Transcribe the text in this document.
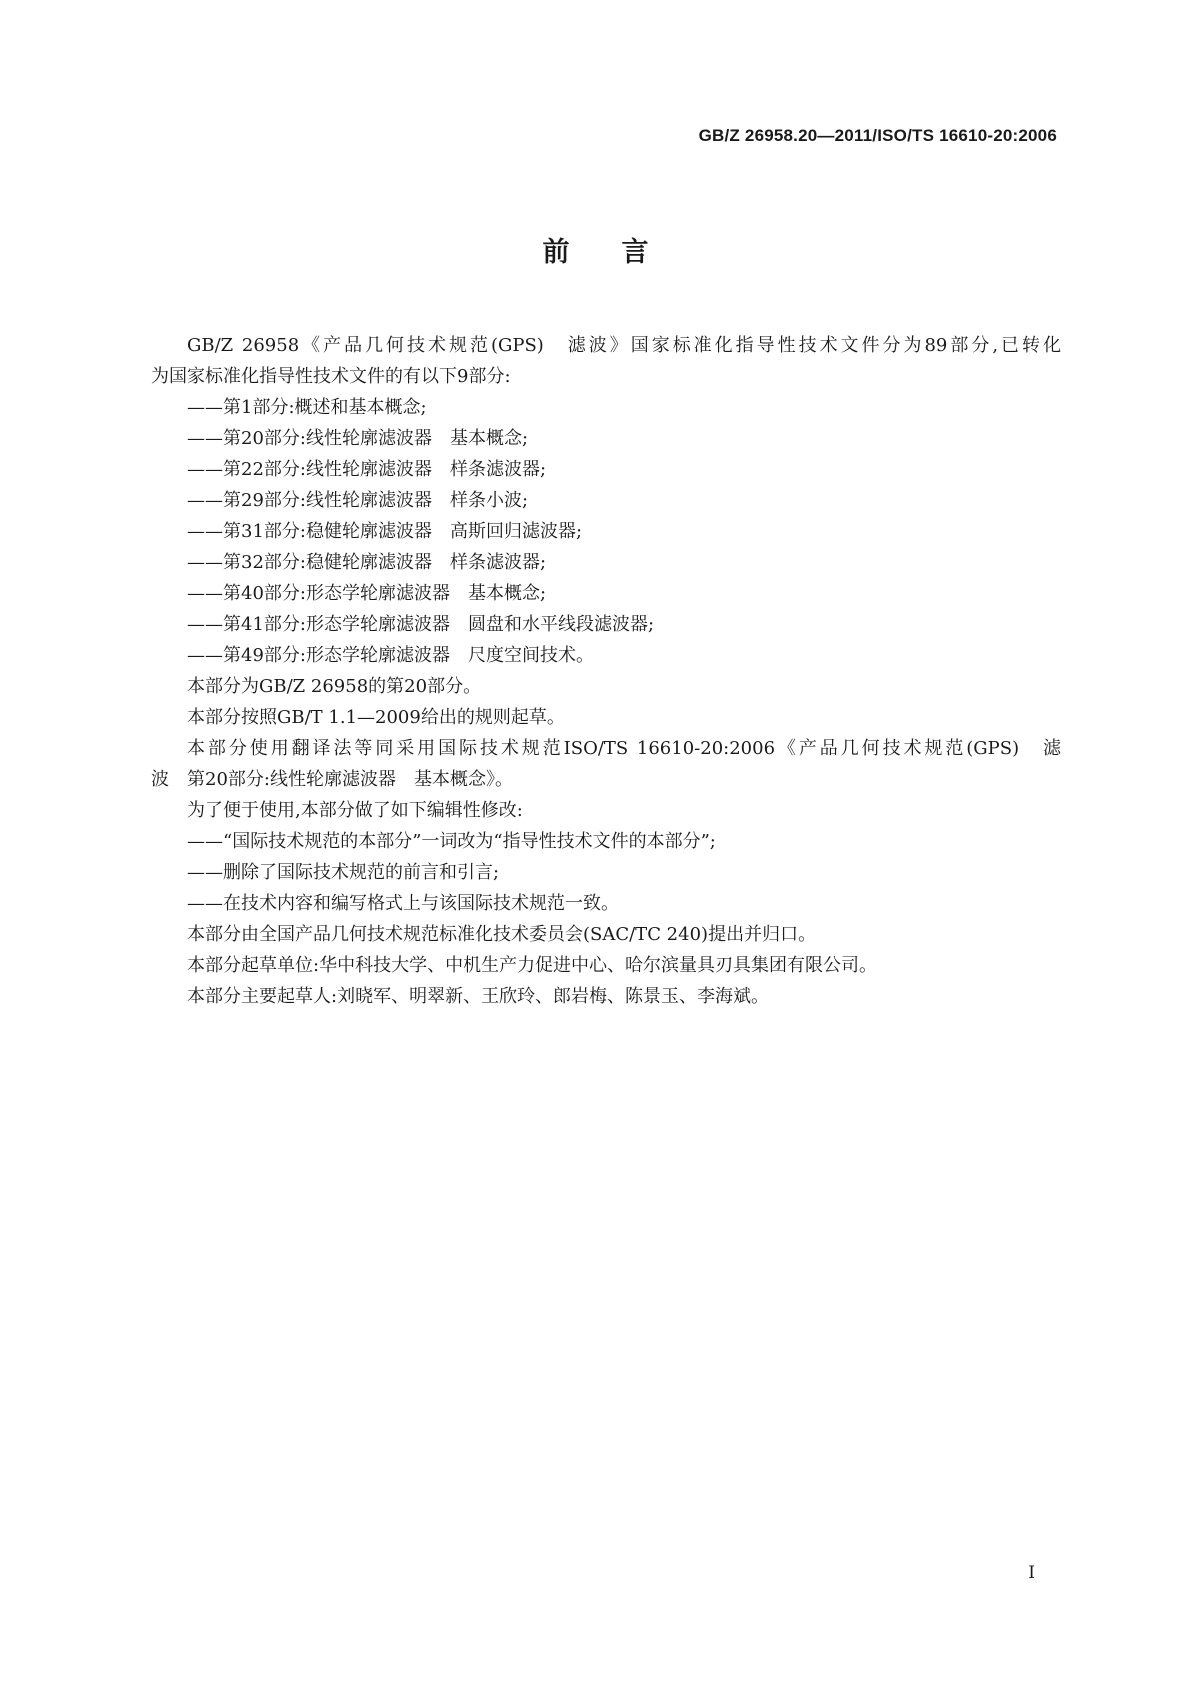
GB/Z 26958.20—2011/ISO/TS 16610-20:2006
前言

GB/Z 26958《产品几何技术规范(GPS)　滤波》国家标准化指导性技术文件分为89部分,已转化

为国家标准化指导性技术文件的有以下9部分:

——第1部分:概述和基本概念;

——第20部分:线性轮廓滤波器　基本概念;

——第22部分:线性轮廓滤波器　样条滤波器;

——第29部分:线性轮廓滤波器　样条小波;

——第31部分:稳健轮廓滤波器　高斯回归滤波器;

——第32部分:稳健轮廓滤波器　样条滤波器;

——第40部分:形态学轮廓滤波器　基本概念;

——第41部分:形态学轮廓滤波器　圆盘和水平线段滤波器;

——第49部分:形态学轮廓滤波器　尺度空间技术。

本部分为GB/Z 26958的第20部分。

本部分按照GB/T 1.1—2009给出的规则起草。

本部分使用翻译法等同采用国际技术规范ISO/TS 16610-20:2006《产品几何技术规范(GPS)　滤

波　第20部分:线性轮廓滤波器　基本概念》。

为了便于使用,本部分做了如下编辑性修改:

——“国际技术规范的本部分”一词改为“指导性技术文件的本部分”;

——删除了国际技术规范的前言和引言;

——在技术内容和编写格式上与该国际技术规范一致。

本部分由全国产品几何技术规范标准化技术委员会(SAC/TC 240)提出并归口。

本部分起草单位:华中科技大学、中机生产力促进中心、哈尔滨量具刃具集团有限公司。

本部分主要起草人:刘晓军、明翠新、王欣玲、郎岩梅、陈景玉、李海斌。

I
